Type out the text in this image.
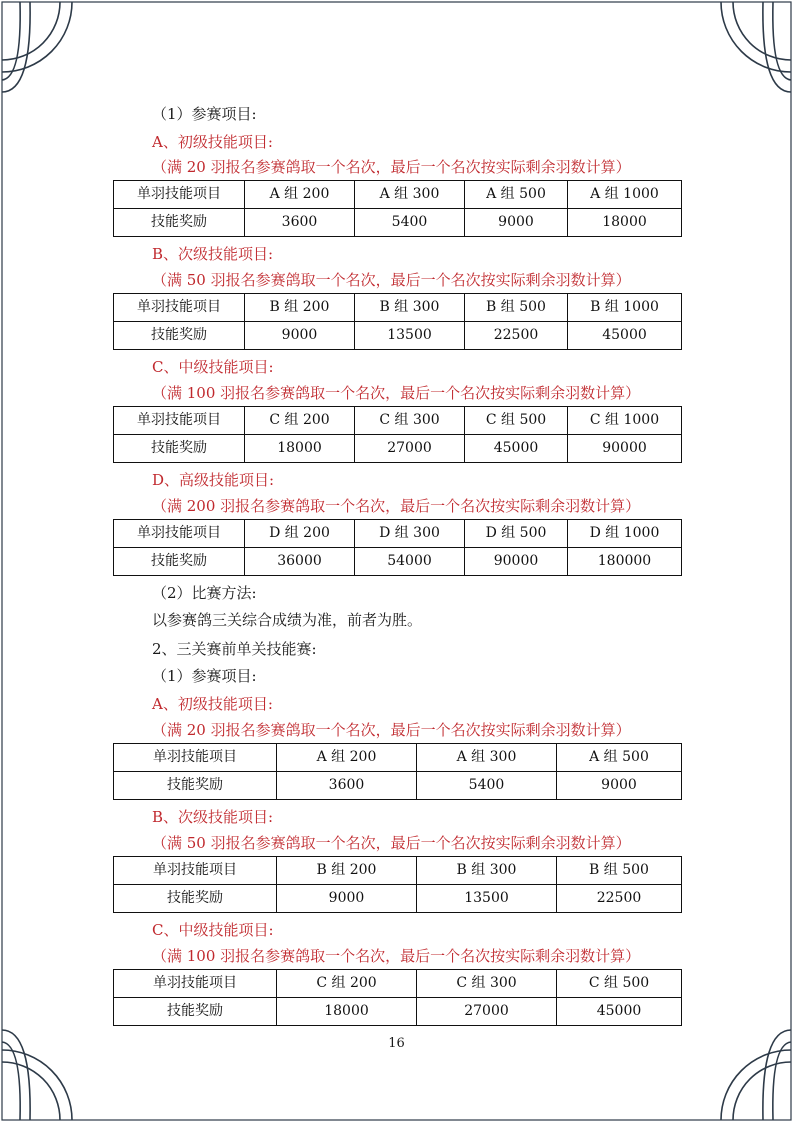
（1）参赛项目:
A、初级技能项目:
（满 20 羽报名参赛鸽取一个名次，最后一个名次按实际剩余羽数计算）
单羽技能项目	A 组 200	A 组 300	A 组 500	A 组 1000
技能奖励	3600	5400	9000	18000
B、次级技能项目:
（满 50 羽报名参赛鸽取一个名次，最后一个名次按实际剩余羽数计算）
单羽技能项目	B 组 200	B 组 300	B 组 500	B 组 1000
技能奖励	9000	13500	22500	45000
C、中级技能项目:
（满 100 羽报名参赛鸽取一个名次，最后一个名次按实际剩余羽数计算）
单羽技能项目	C 组 200	C 组 300	C 组 500	C 组 1000
技能奖励	18000	27000	45000	90000
D、高级技能项目:
（满 200 羽报名参赛鸽取一个名次，最后一个名次按实际剩余羽数计算）
单羽技能项目	D 组 200	D 组 300	D 组 500	D 组 1000
技能奖励	36000	54000	90000	180000
（2）比赛方法:
以参赛鸽三关综合成绩为准，前者为胜。
2、三关赛前单关技能赛:
（1）参赛项目:
A、初级技能项目:
（满 20 羽报名参赛鸽取一个名次，最后一个名次按实际剩余羽数计算）
单羽技能项目	A 组 200	A 组 300	A 组 500
技能奖励	3600	5400	9000
B、次级技能项目:
（满 50 羽报名参赛鸽取一个名次，最后一个名次按实际剩余羽数计算）
单羽技能项目	B 组 200	B 组 300	B 组 500
技能奖励	9000	13500	22500
C、中级技能项目:
（满 100 羽报名参赛鸽取一个名次，最后一个名次按实际剩余羽数计算）
单羽技能项目	C 组 200	C 组 300	C 组 500
技能奖励	18000	27000	45000
16
